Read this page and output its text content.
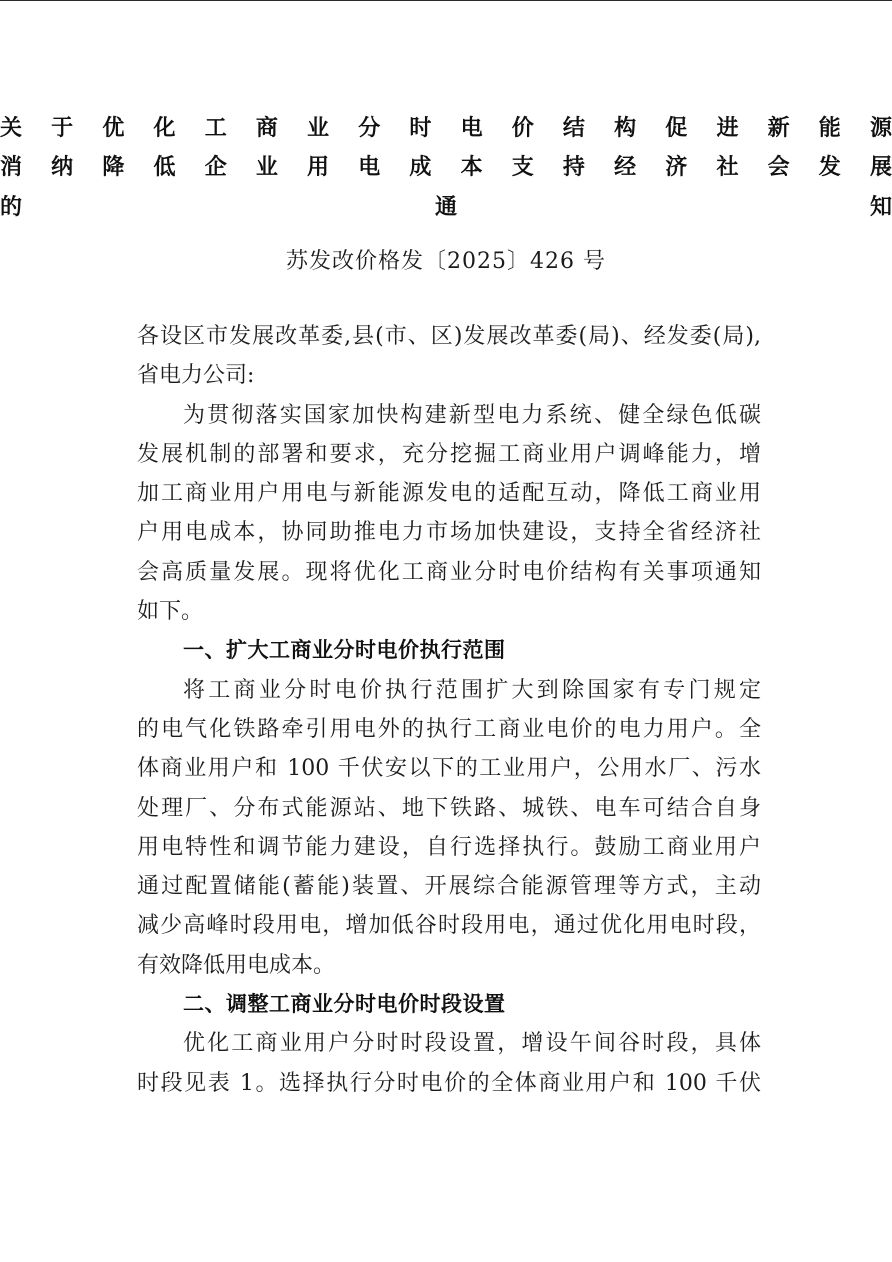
关于优化工商业分时电价结构促进新能源
消纳降低企业用电成本支持经济社会发展
的通知
苏发改价格发〔2025〕426 号
各设区市发展改革委,县(市、区)发展改革委(局)、经发委(局),
省电力公司:
为贯彻落实国家加快构建新型电力系统、健全绿色低碳
发展机制的部署和要求，充分挖掘工商业用户调峰能力，增
加工商业用户用电与新能源发电的适配互动，降低工商业用
户用电成本，协同助推电力市场加快建设，支持全省经济社
会高质量发展。现将优化工商业分时电价结构有关事项通知
如下。
一、扩大工商业分时电价执行范围
将工商业分时电价执行范围扩大到除国家有专门规定
的电气化铁路牵引用电外的执行工商业电价的电力用户。全
体商业用户和 100 千伏安以下的工业用户，公用水厂、污水
处理厂、分布式能源站、地下铁路、城铁、电车可结合自身
用电特性和调节能力建设，自行选择执行。鼓励工商业用户
通过配置储能(蓄能)装置、开展综合能源管理等方式，主动
减少高峰时段用电，增加低谷时段用电，通过优化用电时段，
有效降低用电成本。
二、调整工商业分时电价时段设置
优化工商业用户分时时段设置，增设午间谷时段，具体
时段见表 1。选择执行分时电价的全体商业用户和 100 千伏
